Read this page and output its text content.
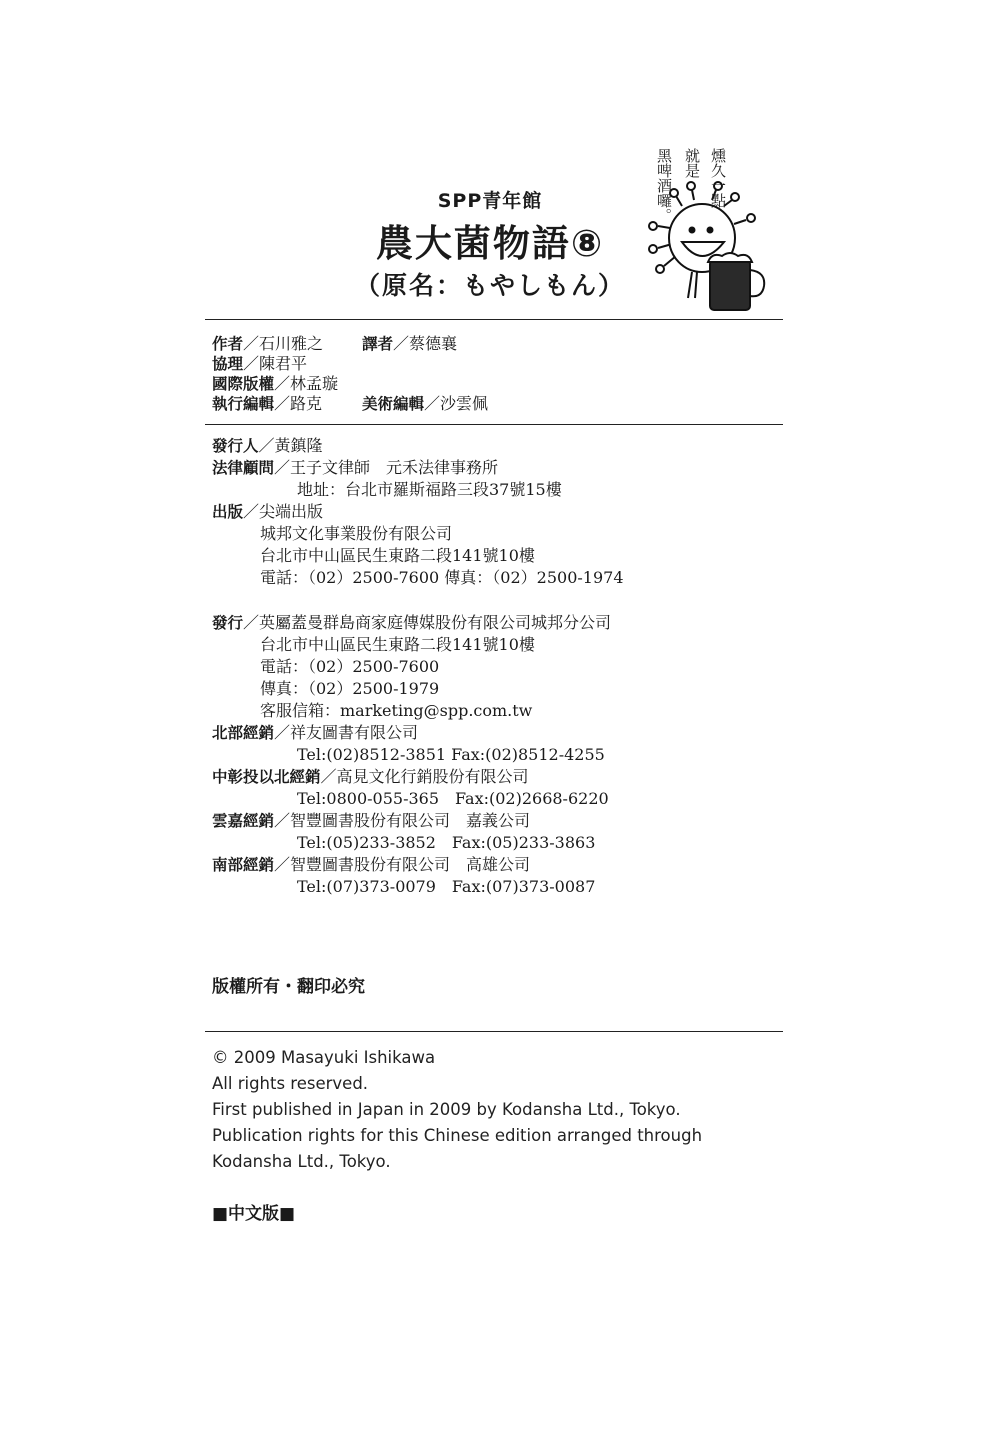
SPP青年館
農大菌物語⑧
（原名：もやしもん）
燻久一點
就是
黑啤酒囉。
作者／石川雅之	譯者／蔡德襄
協理／陳君平
國際版權／林孟璇
執行編輯／路克	美術編輯／沙雲佩
發行人／黃鎮隆
法律顧問／王子文律師　元禾法律事務所
地址：台北市羅斯福路三段37號15樓
出版／尖端出版
城邦文化事業股份有限公司
台北市中山區民生東路二段141號10樓
電話：（02）2500-7600 傳真：（02）2500-1974
發行／英屬蓋曼群島商家庭傳媒股份有限公司城邦分公司
台北市中山區民生東路二段141號10樓
電話：（02）2500-7600
傳真：（02）2500-1979
客服信箱：marketing@spp.com.tw
北部經銷／祥友圖書有限公司
Tel:(02)8512-3851 Fax:(02)8512-4255
中彰投以北經銷／高見文化行銷股份有限公司
Tel:0800-055-365　Fax:(02)2668-6220
雲嘉經銷／智豐圖書股份有限公司　嘉義公司
Tel:(05)233-3852　Fax:(05)233-3863
南部經銷／智豐圖書股份有限公司　高雄公司
Tel:(07)373-0079　Fax:(07)373-0087
版權所有・翻印必究
© 2009 Masayuki Ishikawa
All rights reserved.
First published in Japan in 2009 by Kodansha Ltd., Tokyo.
Publication rights for this Chinese edition arranged through
Kodansha Ltd., Tokyo.
■中文版■
